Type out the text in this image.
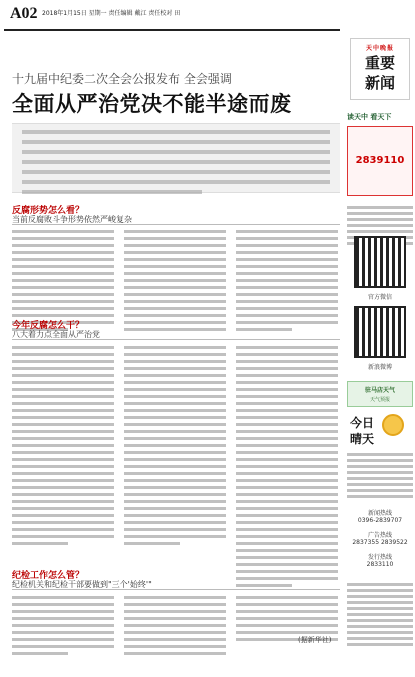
A02 2018年1月15日 星期一 责任编辑 戴江 责任校对 田
天中晚报
重要
新闻
十九届中纪委二次全会公报发布 全会强调
全面从严治党决不能半途而废
反腐形势怎么看？
当前反腐败斗争形势依然严峻复杂
今年反腐怎么干？
八大着力点全面从严治党
纪检工作怎么管？
纪检机关和纪检干部要做到"三个'始终'"
(据新华社)
读天中 看天下
2839110
官方微信
新浪微博
驻马店天气
天气预报
今日
晴天
新闻热线
0396-2839707
广告热线
2837355 2839522
发行热线
2833110
